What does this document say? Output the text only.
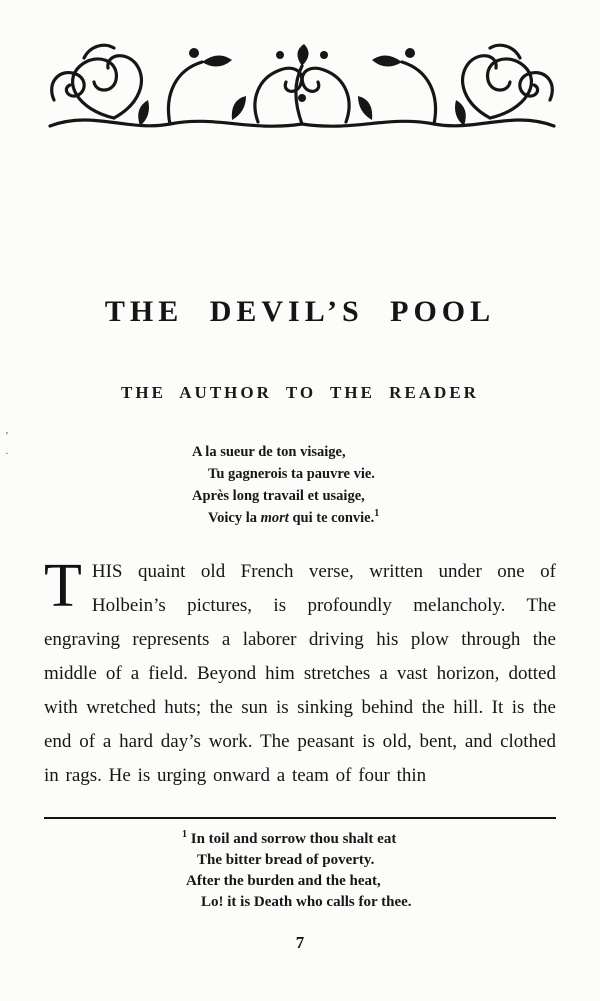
THE DEVIL’S POOL
THE AUTHOR TO THE READER
A la sueur de ton visaige,
Tu gagnerois ta pauvre vie.
Après long travail et usaige,
Voicy la mort qui te convie.$^1$

THIS quaint old French verse, written under one of Holbein’s pictures, is profoundly melancholy. The engraving represents a laborer driving his plow through the middle of a field. Beyond him stretches a vast horizon, dotted with wretched huts; the sun is sinking behind the hill. It is the end of a hard day’s work. The peasant is old, bent, and clothed in rags. He is urging onward a team of four thin

$^1$ In toil and sorrow thou shalt eat
The bitter bread of poverty.
After the burden and the heat,
Lo! it is Death who calls for thee.
7
’
·
